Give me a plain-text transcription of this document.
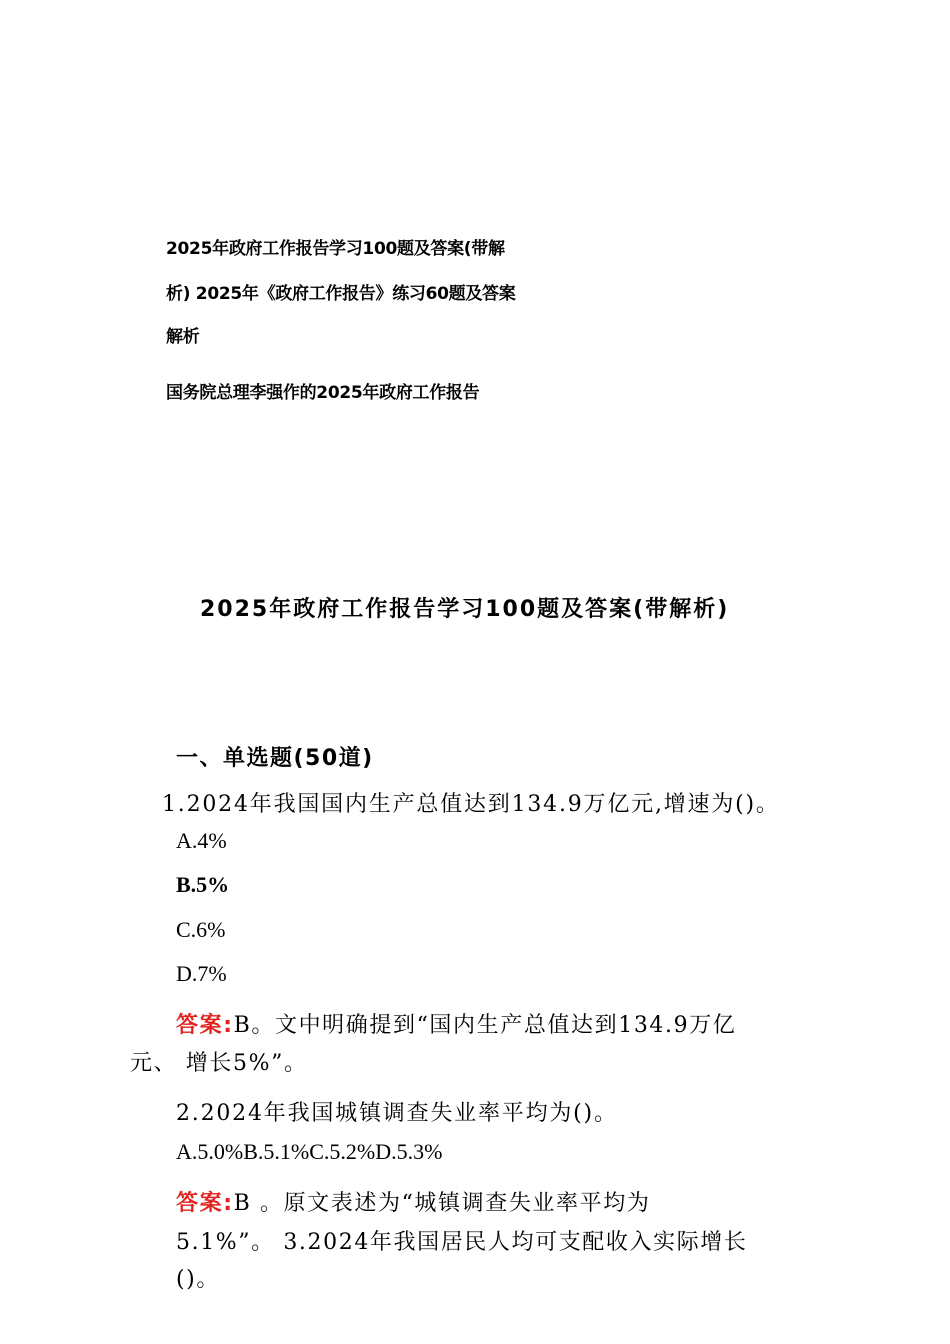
2025年政府工作报告学习100题及答案(带解
析) 2025年《政府工作报告》练习60题及答案
解析
国务院总理李强作的2025年政府工作报告
2025年政府工作报告学习100题及答案(带解析)
一、单选题(50道)
1.2024年我国国内生产总值达到134.9万亿元,增速为()。
A.4%
B.5%
C.6%
D.7%
答案:B。文中明确提到“国内生产总值达到134.9万亿
元、 增长5%”。
2.2024年我国城镇调查失业率平均为()。
A.5.0%B.5.1%C.5.2%D.5.3%
答案:B 。原文表述为“城镇调查失业率平均为
5.1%”。 3.2024年我国居民人均可支配收入实际增长
()。
